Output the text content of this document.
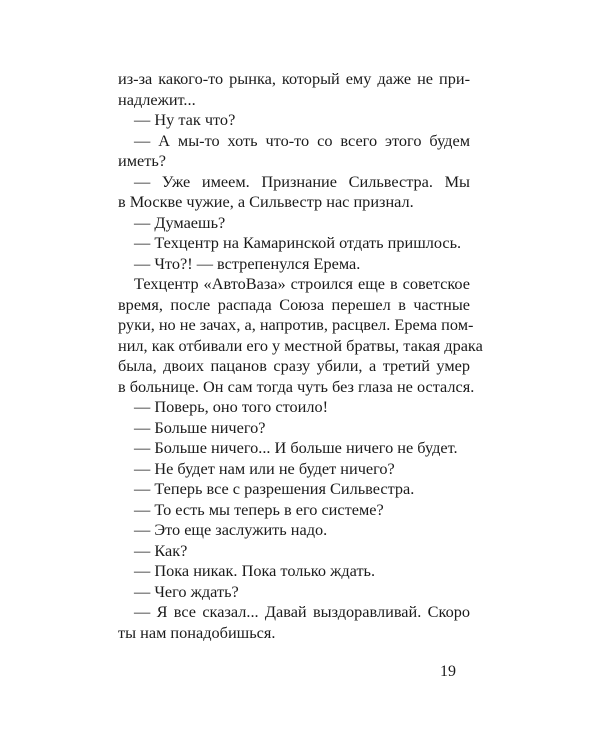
из-за какого-то рынка, который ему даже не при-
надлежит...
— Ну так что?
— А мы-то хоть что-то со всего этого будем
иметь?
— Уже имеем. Признание Сильвестра. Мы
в Москве чужие, а Сильвестр нас признал.
— Думаешь?
— Техцентр на Камаринской отдать пришлось.
— Что?! — встрепенулся Ерема.
Техцентр «АвтоВаза» строился еще в советское
время, после распада Союза перешел в частные
руки, но не зачах, а, напротив, расцвел. Ерема пом-
нил, как отбивали его у местной братвы, такая драка
была, двоих пацанов сразу убили, а третий умер
в больнице. Он сам тогда чуть без глаза не остался.
— Поверь, оно того стоило!
— Больше ничего?
— Больше ничего... И больше ничего не будет.
— Не будет нам или не будет ничего?
— Теперь все с разрешения Сильвестра.
— То есть мы теперь в его системе?
— Это еще заслужить надо.
— Как?
— Пока никак. Пока только ждать.
— Чего ждать?
— Я все сказал... Давай выздоравливай. Скоро
ты нам понадобишься.
19
